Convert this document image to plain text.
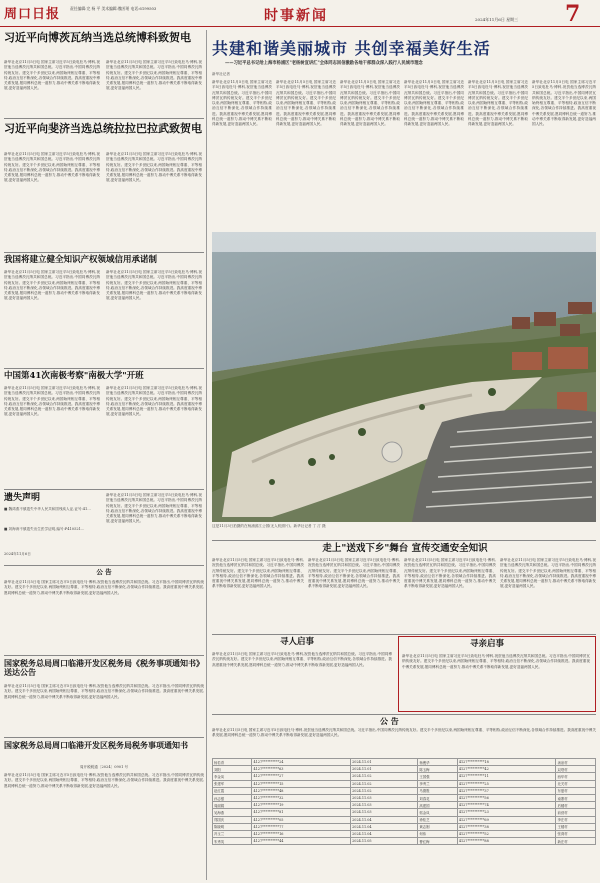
周口日报	责任编辑:完 杨 平 美术编辑:魏芳瑶 电话:6199503	时事新闻	2024年11月6日 星期三 7
习近平向博茨瓦纳当选总统博科致贺电
新华社北京11月5日电 国家主席习近平5日致电杜马·博科,祝贺他当选博茨瓦纳共和国总统。习近平指出,中国同博茨瓦纳传统友好。建交半个多世纪以来,两国始终相互尊重、平等相待,政治互信不断深化,各领域合作持续推进。我高度重视中博关系发展,愿同博科总统一道努力,推动中博关系不断取得新发展,更好造福两国人民。
新华社北京11月5日电 国家主席习近平5日致电杜马·博科,祝贺他当选博茨瓦纳共和国总统。习近平指出,中国同博茨瓦纳传统友好。建交半个多世纪以来,两国始终相互尊重、平等相待,政治互信不断深化,各领域合作持续推进。我高度重视中博关系发展,愿同博科总统一道努力,推动中博关系不断取得新发展,更好造福两国人民。
习近平向斐济当选总统拉拉巴拉武致贺电
新华社北京11月5日电 国家主席习近平5日致电杜马·博科,祝贺他当选博茨瓦纳共和国总统。习近平指出,中国同博茨瓦纳传统友好。建交半个多世纪以来,两国始终相互尊重、平等相待,政治互信不断深化,各领域合作持续推进。我高度重视中博关系发展,愿同博科总统一道努力,推动中博关系不断取得新发展,更好造福两国人民。
新华社北京11月5日电 国家主席习近平5日致电杜马·博科,祝贺他当选博茨瓦纳共和国总统。习近平指出,中国同博茨瓦纳传统友好。建交半个多世纪以来,两国始终相互尊重、平等相待,政治互信不断深化,各领域合作持续推进。我高度重视中博关系发展,愿同博科总统一道努力,推动中博关系不断取得新发展,更好造福两国人民。
我国将建立健全知识产权领域信用承诺制
新华社北京11月5日电 国家主席习近平5日致电杜马·博科,祝贺他当选博茨瓦纳共和国总统。习近平指出,中国同博茨瓦纳传统友好。建交半个多世纪以来,两国始终相互尊重、平等相待,政治互信不断深化,各领域合作持续推进。我高度重视中博关系发展,愿同博科总统一道努力,推动中博关系不断取得新发展,更好造福两国人民。
新华社北京11月5日电 国家主席习近平5日致电杜马·博科,祝贺他当选博茨瓦纳共和国总统。习近平指出,中国同博茨瓦纳传统友好。建交半个多世纪以来,两国始终相互尊重、平等相待,政治互信不断深化,各领域合作持续推进。我高度重视中博关系发展,愿同博科总统一道努力,推动中博关系不断取得新发展,更好造福两国人民。
中国第41次南极考察"南极大学"开班
新华社北京11月5日电 国家主席习近平5日致电杜马·博科,祝贺他当选博茨瓦纳共和国总统。习近平指出,中国同博茨瓦纳传统友好。建交半个多世纪以来,两国始终相互尊重、平等相待,政治互信不断深化,各领域合作持续推进。我高度重视中博关系发展,愿同博科总统一道努力,推动中博关系不断取得新发展,更好造福两国人民。
新华社北京11月5日电 国家主席习近平5日致电杜马·博科,祝贺他当选博茨瓦纳共和国总统。习近平指出,中国同博茨瓦纳传统友好。建交半个多世纪以来,两国始终相互尊重、平等相待,政治互信不断深化,各领域合作持续推进。我高度重视中博关系发展,愿同博科总统一道努力,推动中博关系不断取得新发展,更好造福两国人民。
遗失声明
■ 魏鸿燕不慎遗失中华人民共和国残疾人证,证号:41...
■ 刘海涛不慎遗失出生医学证明,编号:P410521...
2024年11月6日
新华社北京11月5日电 国家主席习近平5日致电杜马·博科,祝贺他当选博茨瓦纳共和国总统。习近平指出,中国同博茨瓦纳传统友好。建交半个多世纪以来,两国始终相互尊重、平等相待,政治互信不断深化,各领域合作持续推进。我高度重视中博关系发展,愿同博科总统一道努力,推动中博关系不断取得新发展,更好造福两国人民。
公 告
新华社北京11月5日电 国家主席习近平5日致电杜马·博科,祝贺他当选博茨瓦纳共和国总统。习近平指出,中国同博茨瓦纳传统友好。建交半个多世纪以来,两国始终相互尊重、平等相待,政治互信不断深化,各领域合作持续推进。我高度重视中博关系发展,愿同博科总统一道努力,推动中博关系不断取得新发展,更好造福两国人民。
国家税务总局周口临港开发区税务局《税务事项通知书》送达公告
新华社北京11月5日电 国家主席习近平5日致电杜马·博科,祝贺他当选博茨瓦纳共和国总统。习近平指出,中国同博茨瓦纳传统友好。建交半个多世纪以来,两国始终相互尊重、平等相待,政治互信不断深化,各领域合作持续推进。我高度重视中博关系发展,愿同博科总统一道努力,推动中博关系不断取得新发展,更好造福两国人民。
国家税务总局周口临港开发区税务局税务事项通知书
周开税税通〔2024〕0901 号
新华社北京11月5日电 国家主席习近平5日致电杜马·博科,祝贺他当选博茨瓦纳共和国总统。习近平指出,中国同博茨瓦纳传统友好。建交半个多世纪以来,两国始终相互尊重、平等相待,政治互信不断深化,各领域合作持续推进。我高度重视中博关系发展,愿同博科总统一道努力,推动中博关系不断取得新发展,更好造福两国人民。
共建和谐美丽城市 共创幸福美好生活
——习近平总书记给上海市杨浦区"老杨树宣讲汇"全体同志回信激励各地干部群众深入践行人民城市理念
新华社记者
新华社北京11月5日电 国家主席习近平5日致电杜马·博科,祝贺他当选博茨瓦纳共和国总统。习近平指出,中国同博茨瓦纳传统友好。建交半个多世纪以来,两国始终相互尊重、平等相待,政治互信不断深化,各领域合作持续推进。我高度重视中博关系发展,愿同博科总统一道努力,推动中博关系不断取得新发展,更好造福两国人民。
新华社北京11月5日电 国家主席习近平5日致电杜马·博科,祝贺他当选博茨瓦纳共和国总统。习近平指出,中国同博茨瓦纳传统友好。建交半个多世纪以来,两国始终相互尊重、平等相待,政治互信不断深化,各领域合作持续推进。我高度重视中博关系发展,愿同博科总统一道努力,推动中博关系不断取得新发展,更好造福两国人民。
新华社北京11月5日电 国家主席习近平5日致电杜马·博科,祝贺他当选博茨瓦纳共和国总统。习近平指出,中国同博茨瓦纳传统友好。建交半个多世纪以来,两国始终相互尊重、平等相待,政治互信不断深化,各领域合作持续推进。我高度重视中博关系发展,愿同博科总统一道努力,推动中博关系不断取得新发展,更好造福两国人民。
新华社北京11月5日电 国家主席习近平5日致电杜马·博科,祝贺他当选博茨瓦纳共和国总统。习近平指出,中国同博茨瓦纳传统友好。建交半个多世纪以来,两国始终相互尊重、平等相待,政治互信不断深化,各领域合作持续推进。我高度重视中博关系发展,愿同博科总统一道努力,推动中博关系不断取得新发展,更好造福两国人民。
新华社北京11月5日电 国家主席习近平5日致电杜马·博科,祝贺他当选博茨瓦纳共和国总统。习近平指出,中国同博茨瓦纳传统友好。建交半个多世纪以来,两国始终相互尊重、平等相待,政治互信不断深化,各领域合作持续推进。我高度重视中博关系发展,愿同博科总统一道努力,推动中博关系不断取得新发展,更好造福两国人民。
新华社北京11月5日电 国家主席习近平5日致电杜马·博科,祝贺他当选博茨瓦纳共和国总统。习近平指出,中国同博茨瓦纳传统友好。建交半个多世纪以来,两国始终相互尊重、平等相待,政治互信不断深化,各领域合作持续推进。我高度重视中博关系发展,愿同博科总统一道努力,推动中博关系不断取得新发展,更好造福两国人民。
这是11月3日拍摄的在杨浦滨江公园(无人机照片)。新华社记者 丁 汀 摄
走上"送戏下乡"舞台 宣传交通安全知识
新华社北京11月5日电 国家主席习近平5日致电杜马·博科,祝贺他当选博茨瓦纳共和国总统。习近平指出,中国同博茨瓦纳传统友好。建交半个多世纪以来,两国始终相互尊重、平等相待,政治互信不断深化,各领域合作持续推进。我高度重视中博关系发展,愿同博科总统一道努力,推动中博关系不断取得新发展,更好造福两国人民。
新华社北京11月5日电 国家主席习近平5日致电杜马·博科,祝贺他当选博茨瓦纳共和国总统。习近平指出,中国同博茨瓦纳传统友好。建交半个多世纪以来,两国始终相互尊重、平等相待,政治互信不断深化,各领域合作持续推进。我高度重视中博关系发展,愿同博科总统一道努力,推动中博关系不断取得新发展,更好造福两国人民。
新华社北京11月5日电 国家主席习近平5日致电杜马·博科,祝贺他当选博茨瓦纳共和国总统。习近平指出,中国同博茨瓦纳传统友好。建交半个多世纪以来,两国始终相互尊重、平等相待,政治互信不断深化,各领域合作持续推进。我高度重视中博关系发展,愿同博科总统一道努力,推动中博关系不断取得新发展,更好造福两国人民。
新华社北京11月5日电 国家主席习近平5日致电杜马·博科,祝贺他当选博茨瓦纳共和国总统。习近平指出,中国同博茨瓦纳传统友好。建交半个多世纪以来,两国始终相互尊重、平等相待,政治互信不断深化,各领域合作持续推进。我高度重视中博关系发展,愿同博科总统一道努力,推动中博关系不断取得新发展,更好造福两国人民。
寻人启事
新华社北京11月5日电 国家主席习近平5日致电杜马·博科,祝贺他当选博茨瓦纳共和国总统。习近平指出,中国同博茨瓦纳传统友好。建交半个多世纪以来,两国始终相互尊重、平等相待,政治互信不断深化,各领域合作持续推进。我高度重视中博关系发展,愿同博科总统一道努力,推动中博关系不断取得新发展,更好造福两国人民。
寻亲启事
新华社北京11月5日电 国家主席习近平5日致电杜马·博科,祝贺他当选博茨瓦纳共和国总统。习近平指出,中国同博茨瓦纳传统友好。建交半个多世纪以来,两国始终相互尊重、平等相待,政治互信不断深化,各领域合作持续推进。我高度重视中博关系发展,愿同博科总统一道努力,推动中博关系不断取得新发展,更好造福两国人民。
公 告
新华社北京11月5日电 国家主席习近平5日致电杜马·博科,祝贺他当选博茨瓦纳共和国总统。习近平指出,中国同博茨瓦纳传统友好。建交半个多世纪以来,两国始终相互尊重、平等相待,政治互信不断深化,各领域合作持续推进。我高度重视中博关系发展,愿同博科总统一道努力,推动中博关系不断取得新发展,更好造福两国人民。
杨若青	4127**********24	2024.11.01	杨俊华	4127**********18	汤泉村
刘阳	4127**********63	2024.11.01	陈玉梅	4127**********42	双塔村
李金凤	4127**********27	2024.11.02	王国强	4127**********11	西华村
张建军	4127**********15	2024.11.02	李秀兰	4127**********25	北关村
赵红霞	4127**********48	2024.11.02	马德胜	4127**********37	东夏村
孙志强	4127**********32	2024.11.03	刘春花	4127**********56	南寨村
周丽娟	4127**********19	2024.11.03	高建国	4127**********74	后楼村
吴海燕	4127**********81	2024.11.03	郭金凤	4127**********23	前营村
郑国庆	4127**********05	2024.11.04	徐桂芝	4127**********69	李庄村
陈晓明	4127**********77	2024.11.04	黄志刚	4127**********38	王楼村
冯玉兰	4127**********16	2024.11.04	何伟	4127**********52	张湾村
朱秀英	4127**********44	2024.11.05	曹红梅	4127**********88	新庄村
